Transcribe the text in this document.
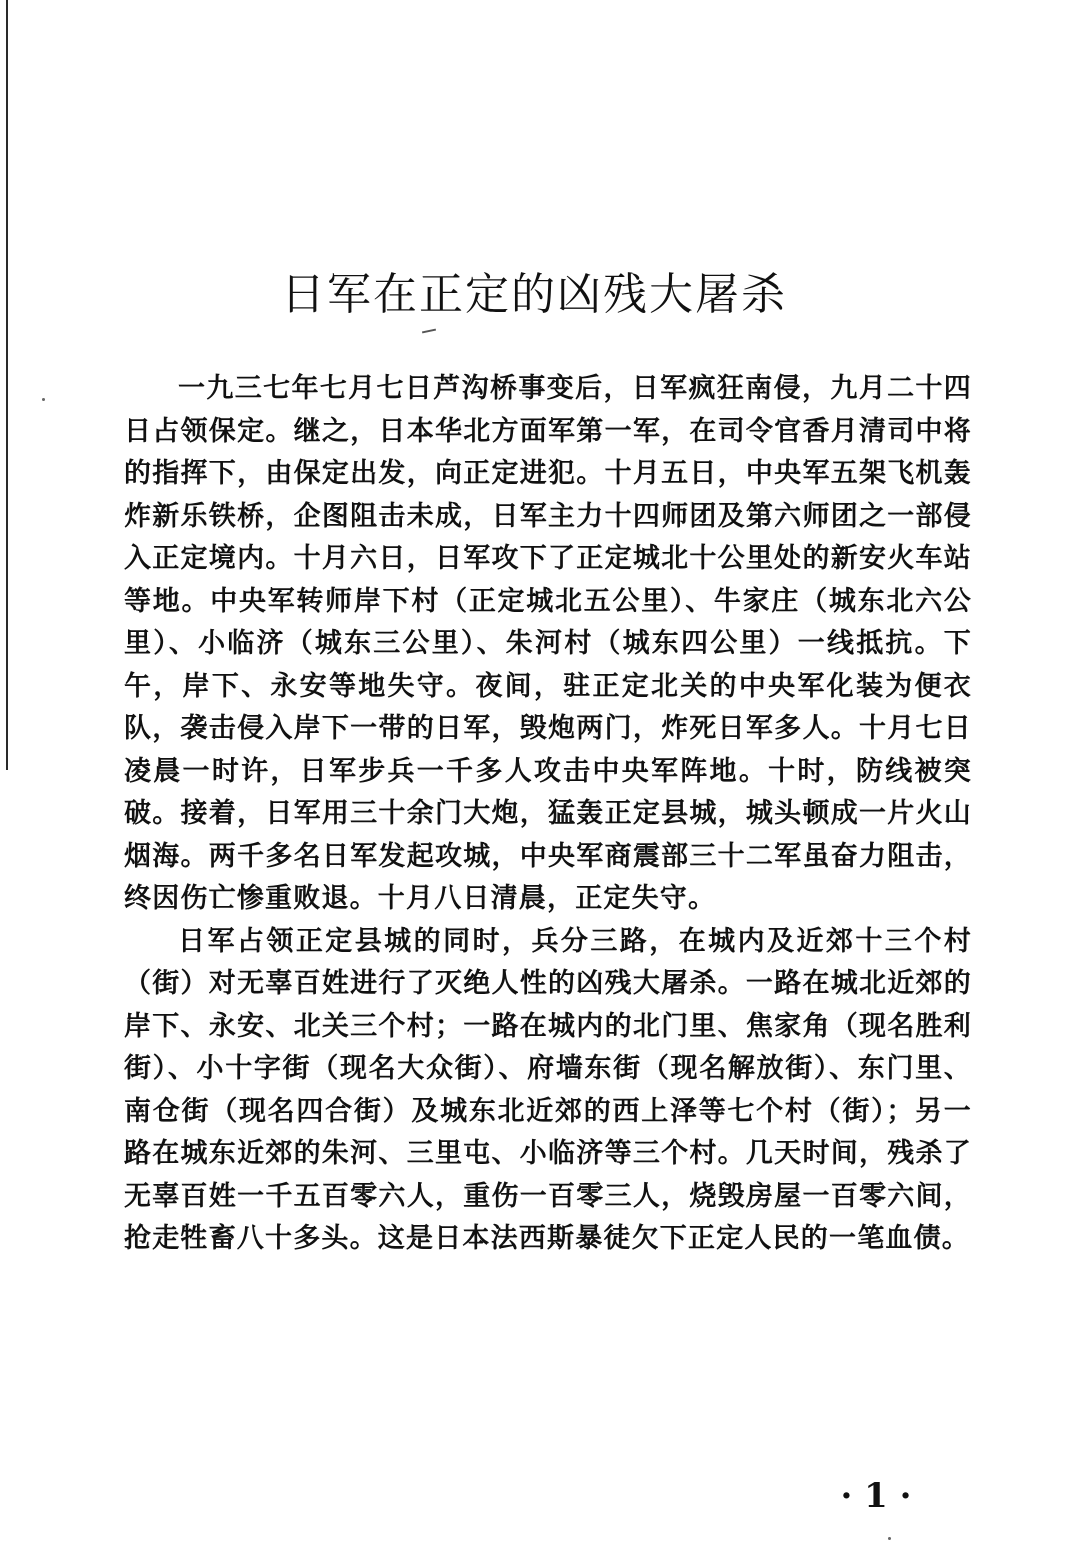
日军在正定的凶残大屠杀

一九三七年七月七日芦沟桥事变后，日军疯狂南侵，九月二十四日占领保定。继之，日本华北方面军第一军，在司令官香月清司中将的指挥下，由保定出发，向正定进犯。十月五日，中央军五架飞机轰炸新乐铁桥，企图阻击未成，日军主力十四师团及第六师团之一部侵入正定境内。十月六日，日军攻下了正定城北十公里处的新安火车站等地。中央军转师岸下村（正定城北五公里）、牛家庄（城东北六公里）、小临济（城东三公里）、朱河村（城东四公里）一线抵抗。下午，岸下、永安等地失守。夜间，驻正定北关的中央军化装为便衣队，袭击侵入岸下一带的日军，毁炮两门，炸死日军多人。十月七日凌晨一时许，日军步兵一千多人攻击中央军阵地。十时，防线被突破。接着，日军用三十余门大炮，猛轰正定县城，城头顿成一片火山烟海。两千多名日军发起攻城，中央军商震部三十二军虽奋力阻击，终因伤亡惨重败退。十月八日清晨，正定失守。

日军占领正定县城的同时，兵分三路，在城内及近郊十三个村（街）对无辜百姓进行了灭绝人性的凶残大屠杀。一路在城北近郊的岸下、永安、北关三个村；一路在城内的北门里、焦家角（现名胜利街）、小十字街（现名大众街）、府墙东街（现名解放街）、东门里、南仓街（现名四合街）及城东北近郊的西上泽等七个村（街）；另一路在城东近郊的朱河、三里屯、小临济等三个村。几天时间，残杀了无辜百姓一千五百零六人，重伤一百零三人，烧毁房屋一百零六间，抢走牲畜八十多头。这是日本法西斯暴徒欠下正定人民的一笔血债。

· 1 ·
